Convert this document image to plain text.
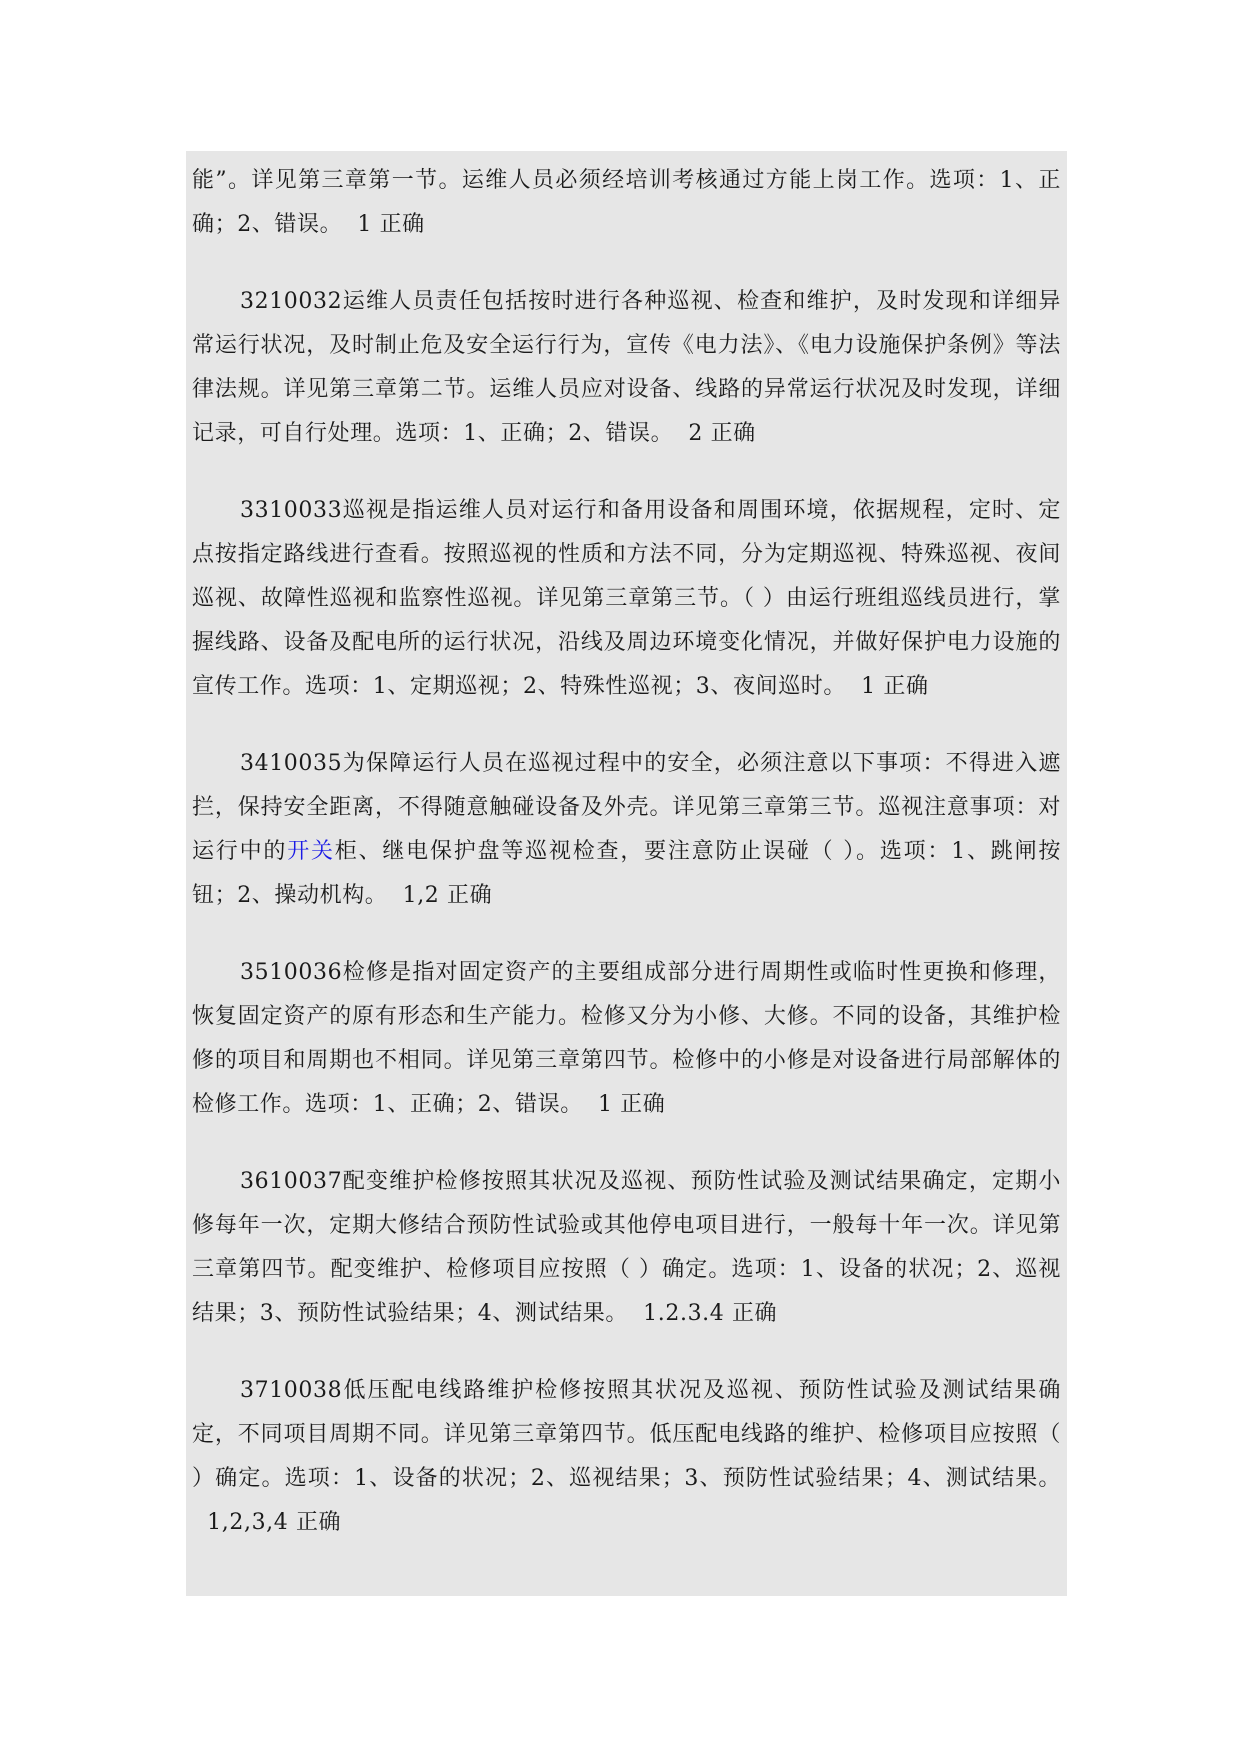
能”。详见第三章第一节。运维人员必须经培训考核通过方能上岗工作。选项：1、正确；2、错误。  1 正确

3210032运维人员责任包括按时进行各种巡视、检查和维护，及时发现和详细异常运行状况，及时制止危及安全运行行为，宣传《电力法》、《电力设施保护条例》等法律法规。详见第三章第二节。运维人员应对设备、线路的异常运行状况及时发现，详细记录，可自行处理。选项：1、正确；2、错误。  2 正确

3310033巡视是指运维人员对运行和备用设备和周围环境，依据规程，定时、定点按指定路线进行查看。按照巡视的性质和方法不同，分为定期巡视、特殊巡视、夜间巡视、故障性巡视和监察性巡视。详见第三章第三节。（ ）由运行班组巡线员进行，掌握线路、设备及配电所的运行状况，沿线及周边环境变化情况，并做好保护电力设施的宣传工作。选项：1、定期巡视；2、特殊性巡视；3、夜间巡时。  1 正确

3410035为保障运行人员在巡视过程中的安全，必须注意以下事项：不得进入遮拦，保持安全距离，不得随意触碰设备及外壳。详见第三章第三节。巡视注意事项：对运行中的开关柜、继电保护盘等巡视检查，要注意防止误碰（ ）。选项：1、跳闸按钮；2、操动机构。  1,2 正确

3510036检修是指对固定资产的主要组成部分进行周期性或临时性更换和修理，恢复固定资产的原有形态和生产能力。检修又分为小修、大修。不同的设备，其维护检修的项目和周期也不相同。详见第三章第四节。检修中的小修是对设备进行局部解体的检修工作。选项：1、正确；2、错误。  1 正确

3610037配变维护检修按照其状况及巡视、预防性试验及测试结果确定，定期小修每年一次，定期大修结合预防性试验或其他停电项目进行，一般每十年一次。详见第三章第四节。配变维护、检修项目应按照（ ）确定。选项：1、设备的状况；2、巡视结果；3、预防性试验结果；4、测试结果。  1.2.3.4 正确

3710038低压配电线路维护检修按照其状况及巡视、预防性试验及测试结果确定，不同项目周期不同。详见第三章第四节。低压配电线路的维护、检修项目应按照（ ）确定。选项：1、设备的状况；2、巡视结果；3、预防性试验结果；4、测试结果。  1,2,3,4 正确
